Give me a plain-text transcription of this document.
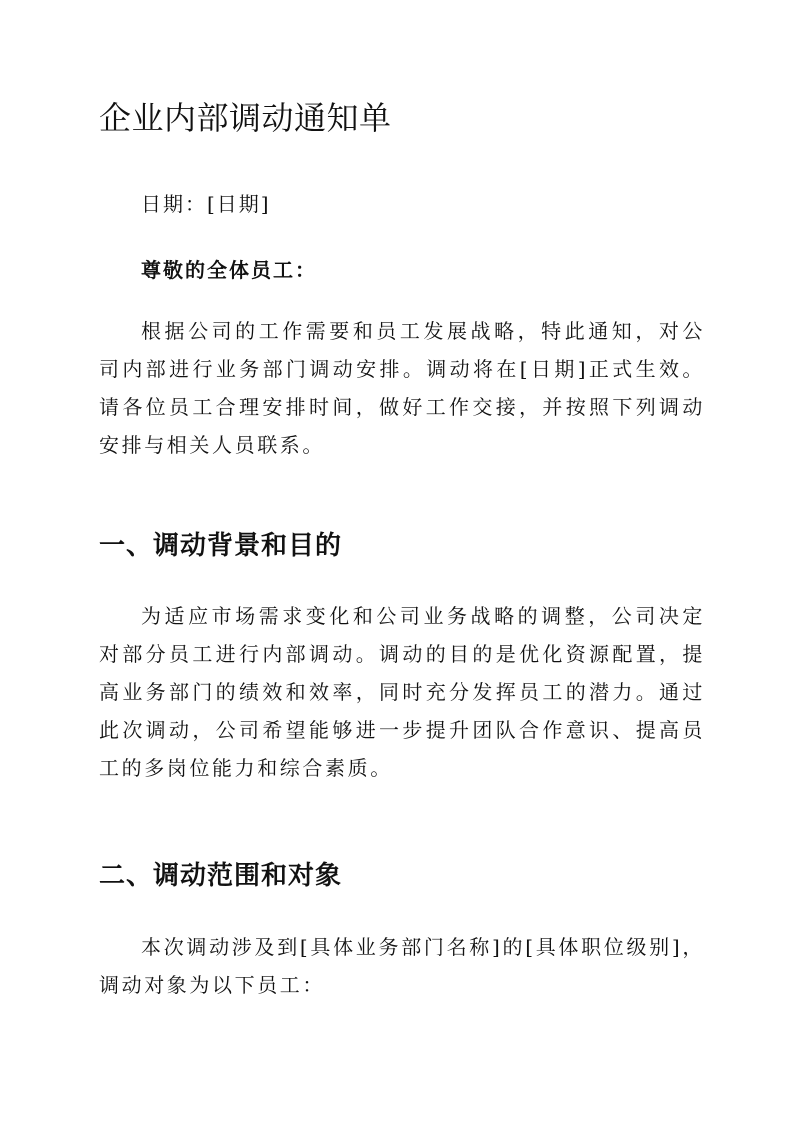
企业内部调动通知单

日期：[日期]

尊敬的全体员工：

根据公司的工作需要和员工发展战略，特此通知，对公司内部进行业务部门调动安排。调动将在[日期]正式生效。请各位员工合理安排时间，做好工作交接，并按照下列调动安排与相关人员联系。

一、调动背景和目的

为适应市场需求变化和公司业务战略的调整，公司决定对部分员工进行内部调动。调动的目的是优化资源配置，提高业务部门的绩效和效率，同时充分发挥员工的潜力。通过此次调动，公司希望能够进一步提升团队合作意识、提高员工的多岗位能力和综合素质。

二、调动范围和对象

本次调动涉及到[具体业务部门名称]的[具体职位级别]，调动对象为以下员工：
